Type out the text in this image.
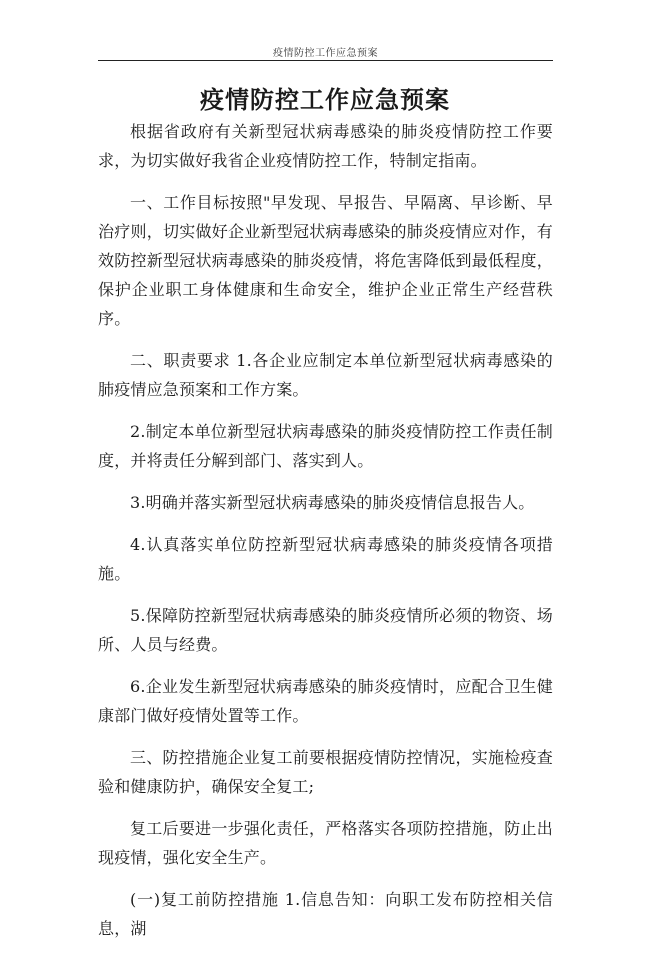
疫情防控工作应急预案
疫情防控工作应急预案

根据省政府有关新型冠状病毒感染的肺炎疫情防控工作要求，为切实做好我省企业疫情防控工作，特制定指南。

一、工作目标按照"早发现、早报告、早隔离、早诊断、早治疗则，切实做好企业新型冠状病毒感染的肺炎疫情应对作，有效防控新型冠状病毒感染的肺炎疫情，将危害降低到最低程度，保护企业职工身体健康和生命安全，维护企业正常生产经营秩序。

二、职责要求 1.各企业应制定本单位新型冠状病毒感染的肺疫情应急预案和工作方案。

2.制定本单位新型冠状病毒感染的肺炎疫情防控工作责任制度，并将责任分解到部门、落实到人。

3.明确并落实新型冠状病毒感染的肺炎疫情信息报告人。

4.认真落实单位防控新型冠状病毒感染的肺炎疫情各项措施。

5.保障防控新型冠状病毒感染的肺炎疫情所必须的物资、场所、人员与经费。

6.企业发生新型冠状病毒感染的肺炎疫情时，应配合卫生健康部门做好疫情处置等工作。

三、防控措施企业复工前要根据疫情防控情况，实施检疫查验和健康防护，确保安全复工;

复工后要进一步强化责任，严格落实各项防控措施，防止出现疫情，强化安全生产。

(一)复工前防控措施 1.信息告知：向职工发布防控相关信息，湖
